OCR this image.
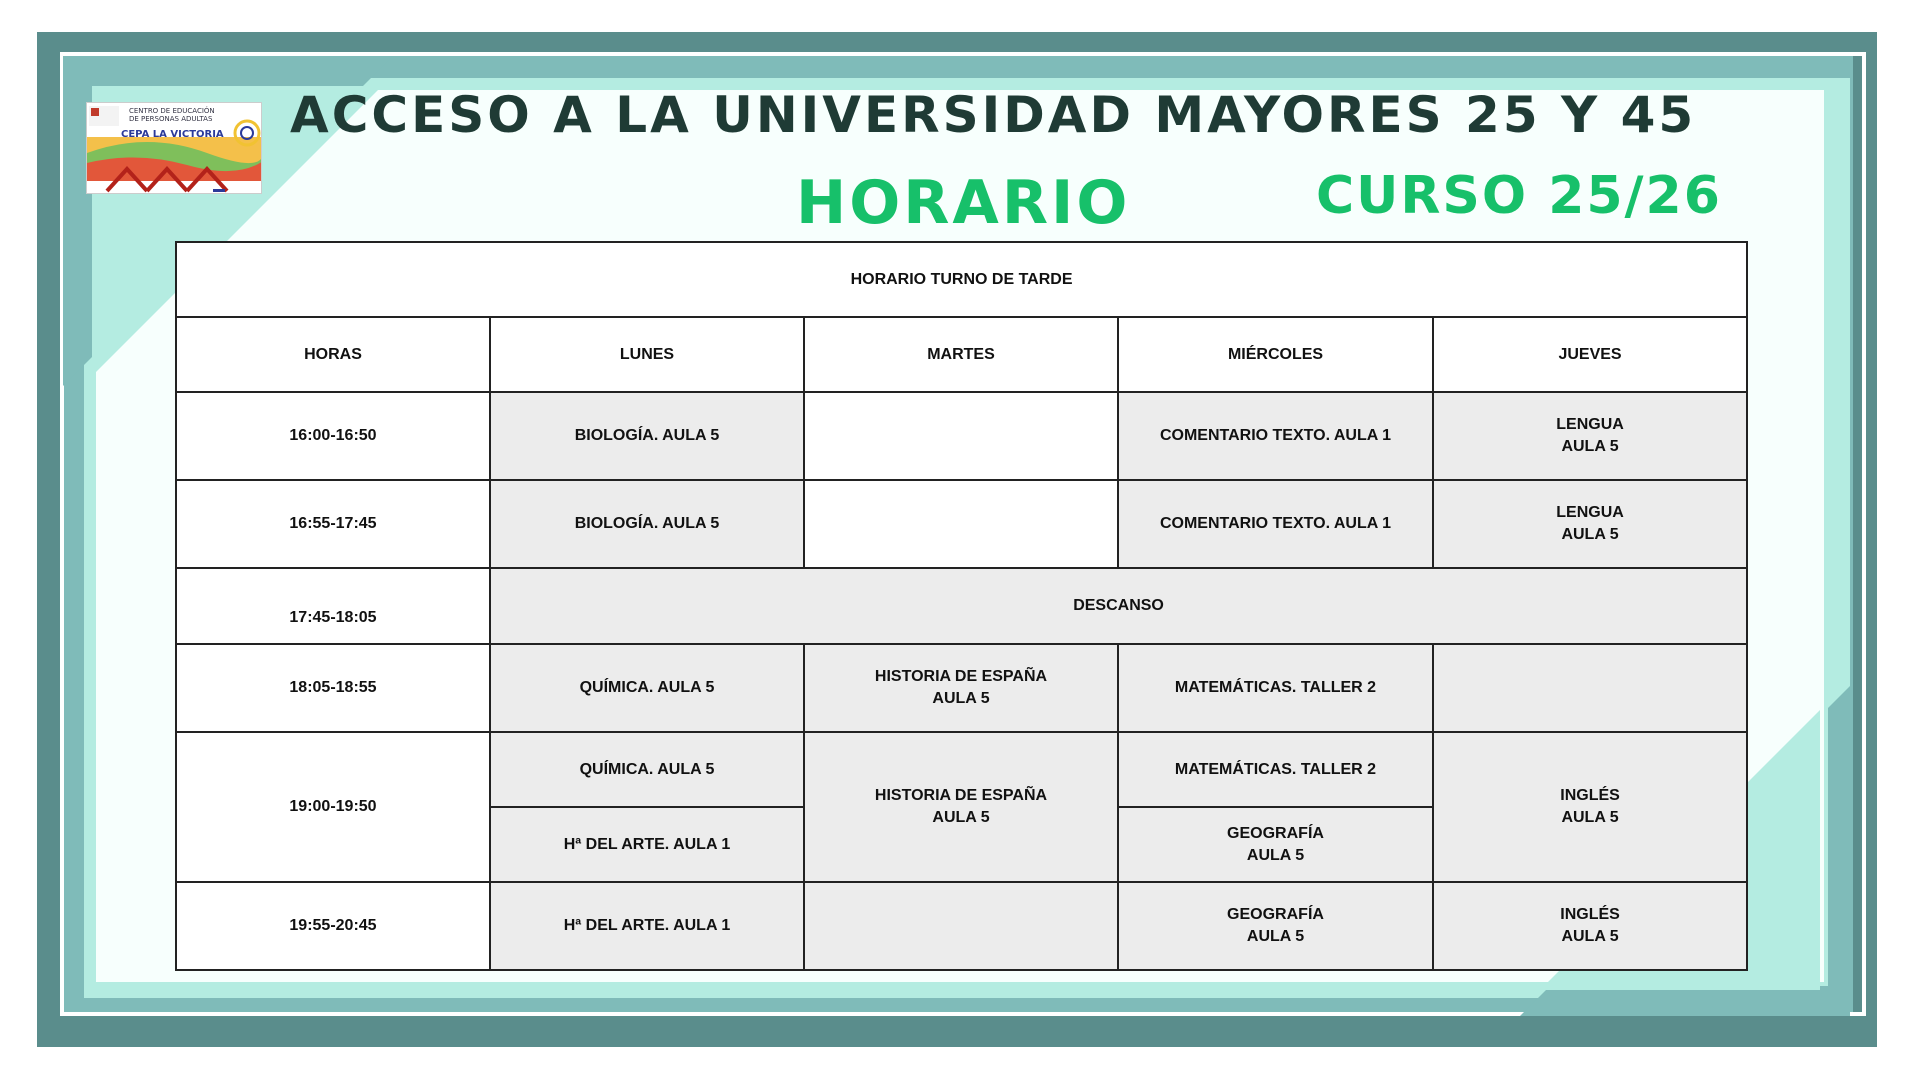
CENTRO DE EDUCACIÓN DE PERSONAS ADULTAS
CEPA LA VICTORIA ACCESO A LA UNIVERSIDAD MAYORES 25 Y 45
HORARIO	CURSO 25/26
HORARIO TURNO DE TARDE				
HORAS	LUNES	MARTES	MIÉRCOLES	JUEVES
16:00-16:50	BIOLOGÍA. AULA 5		COMENTARIO TEXTO. AULA 1	LENGUA
AULA 5
16:55-17:45	BIOLOGÍA. AULA 5		COMENTARIO TEXTO. AULA 1	LENGUA
AULA 5
17:45-18:05	DESCANSO			
18:05-18:55	QUÍMICA. AULA 5	HISTORIA DE ESPAÑA
AULA 5	MATEMÁTICAS. TALLER 2	
19:00-19:50	QUÍMICA. AULA 5	HISTORIA DE ESPAÑA
AULA 5	MATEMÁTICAS. TALLER 2	INGLÉS
AULA 5
	Hª DEL ARTE. AULA 1		GEOGRAFÍA
AULA 5	
19:55-20:45	Hª DEL ARTE. AULA 1		GEOGRAFÍA
AULA 5	INGLÉS
AULA 5
